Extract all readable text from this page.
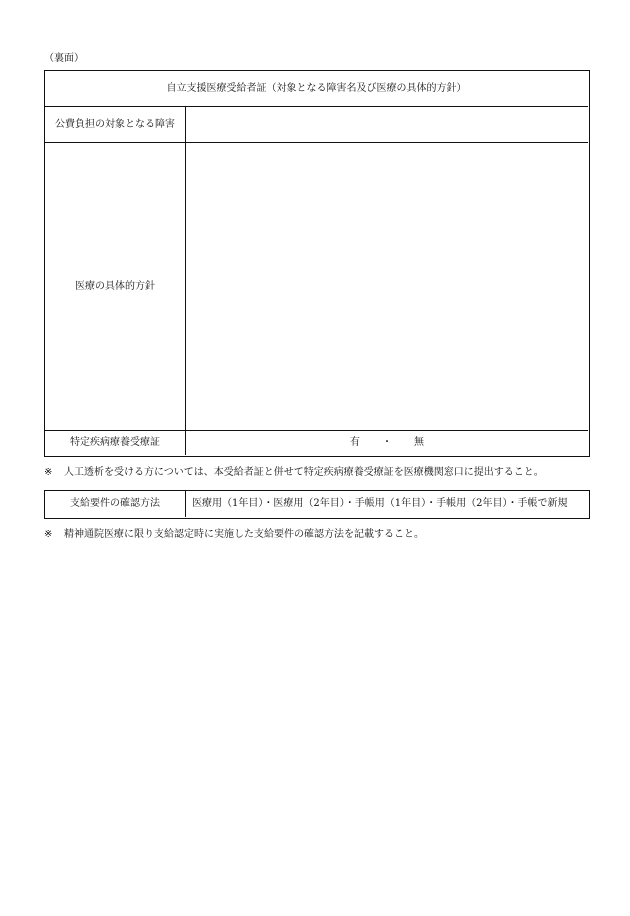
（裏面）
自立支援医療受給者証（対象となる障害名及び医療の具体的方針）
公費負担の対象となる障害
医療の具体的方針
特定疾病療養受療証	有 ・ 無
※ 人工透析を受ける方については、本受給者証と併せて特定疾病療養受療証を医療機関窓口に提出すること。
支給要件の確認方法	医療用（1年目）・医療用（2年目）・手帳用（1年目）・手帳用（2年目）・手帳で新規
※ 精神通院医療に限り支給認定時に実施した支給要件の確認方法を記載すること。
